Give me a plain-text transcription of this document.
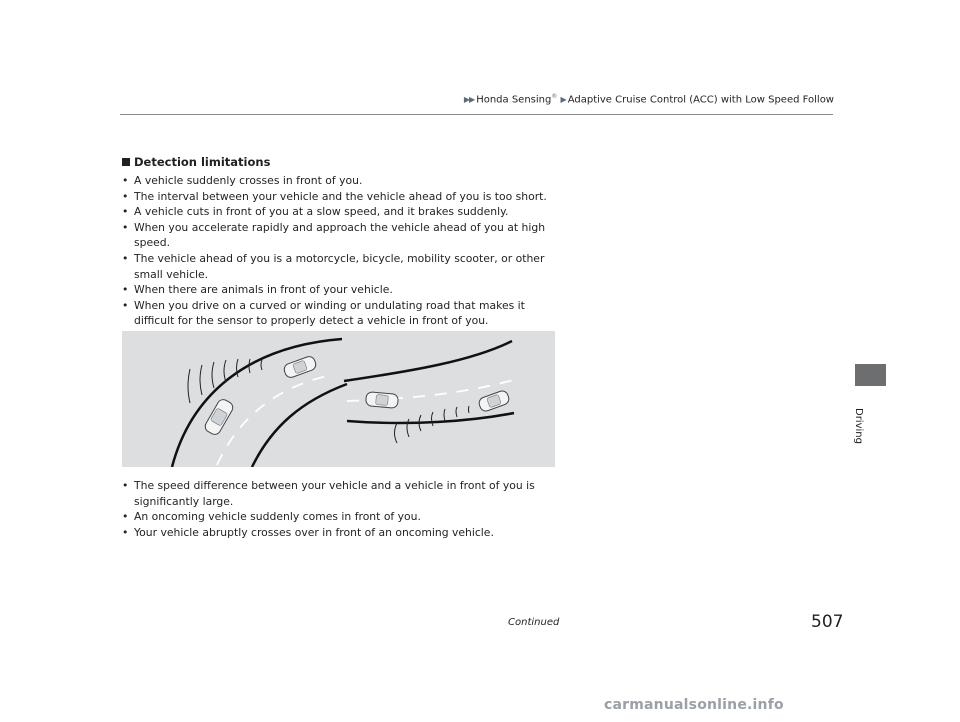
▶▶ Honda Sensing® ▶ Adaptive Cruise Control (ACC) with Low Speed Follow
Driving
Detection limitations
• A vehicle suddenly crosses in front of you.
• The interval between your vehicle and the vehicle ahead of you is too short.
• A vehicle cuts in front of you at a slow speed, and it brakes suddenly.
• When you accelerate rapidly and approach the vehicle ahead of you at high speed.
• The vehicle ahead of you is a motorcycle, bicycle, mobility scooter, or other small vehicle.
• When there are animals in front of your vehicle.
• When you drive on a curved or winding or undulating road that makes it difficult for the sensor to properly detect a vehicle in front of you.
• The speed difference between your vehicle and a vehicle in front of you is significantly large.
• An oncoming vehicle suddenly comes in front of you.
• Your vehicle abruptly crosses over in front of an oncoming vehicle.
Continued	507
carmanualsonline.info
